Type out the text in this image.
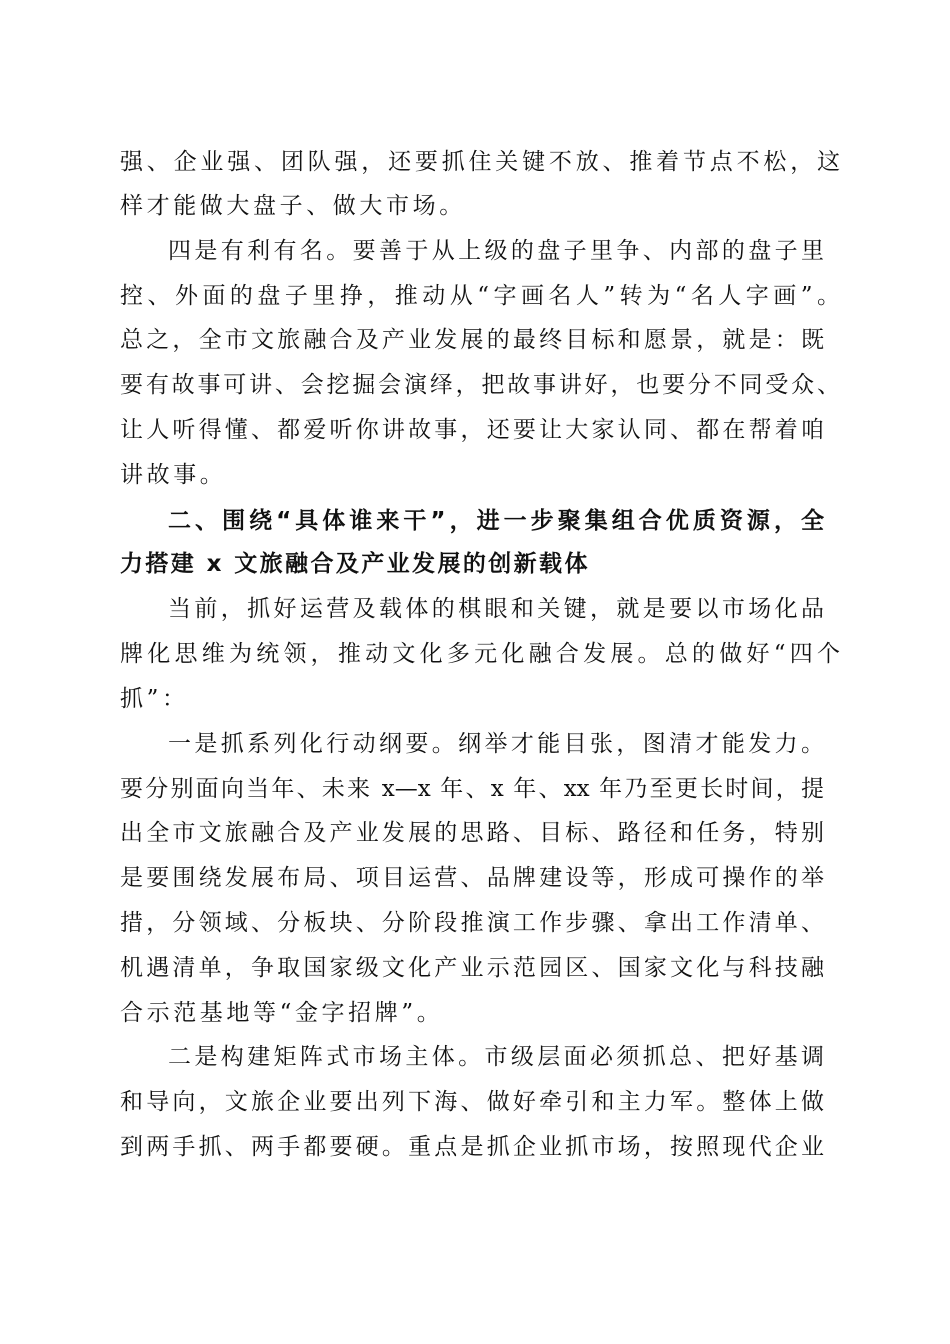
强、企业强、团队强，还要抓住关键不放、推着节点不松，这
样才能做大盘子、做大市场。
四是有利有名。要善于从上级的盘子里争、内部的盘子里
控、外面的盘子里挣，推动从“字画名人”转为“名人字画”。
总之，全市文旅融合及产业发展的最终目标和愿景，就是：既
要有故事可讲、会挖掘会演绎，把故事讲好，也要分不同受众、
让人听得懂、都爱听你讲故事，还要让大家认同、都在帮着咱
讲故事。
二、围绕“具体谁来干”，进一步聚集组合优质资源，全
力搭建 x 文旅融合及产业发展的创新载体
当前，抓好运营及载体的棋眼和关键，就是要以市场化品
牌化思维为统领，推动文化多元化融合发展。总的做好“四个
抓”：
一是抓系列化行动纲要。纲举才能目张，图清才能发力。
要分别面向当年、未来 x—x 年、x 年、xx 年乃至更长时间，提
出全市文旅融合及产业发展的思路、目标、路径和任务，特别
是要围绕发展布局、项目运营、品牌建设等，形成可操作的举
措，分领域、分板块、分阶段推演工作步骤、拿出工作清单、
机遇清单，争取国家级文化产业示范园区、国家文化与科技融
合示范基地等“金字招牌”。
二是构建矩阵式市场主体。市级层面必须抓总、把好基调
和导向，文旅企业要出列下海、做好牵引和主力军。整体上做
到两手抓、两手都要硬。重点是抓企业抓市场，按照现代企业
